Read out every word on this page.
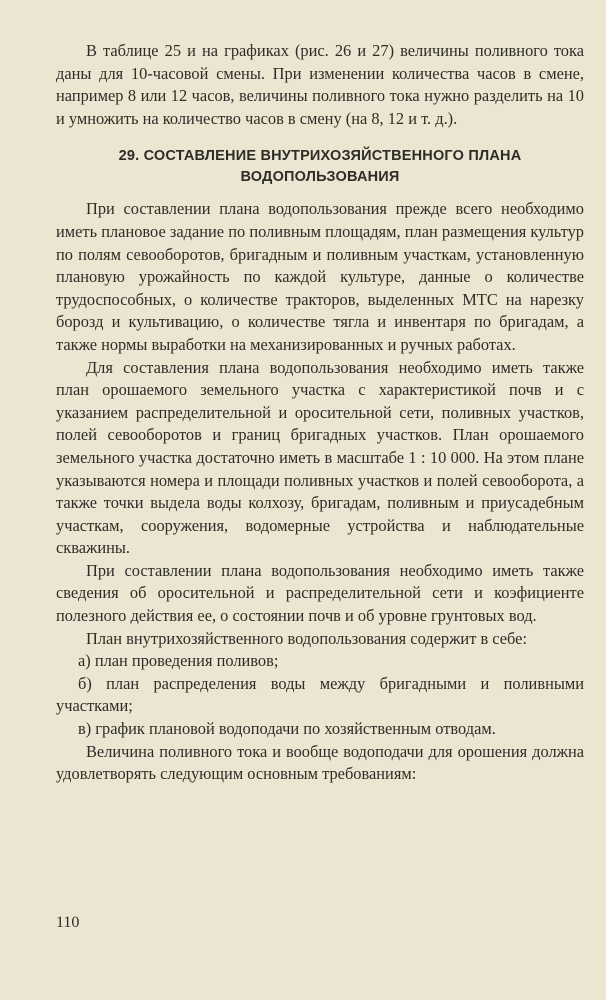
В таблице 25 и на графиках (рис. 26 и 27) величины поливного тока даны для 10-часовой смены. При изменении количества часов в смене, например 8 или 12 часов, величины поливного тока нужно разделить на 10 и умножить на количество часов в смену (на 8, 12 и т. д.).

29. СОСТАВЛЕНИЕ ВНУТРИХОЗЯЙСТВЕННОГО ПЛАНА
ВОДОПОЛЬЗОВАНИЯ

При составлении плана водопользования прежде всего необходимо иметь плановое задание по поливным площадям, план размещения культур по полям севооборотов, бригадным и поливным участкам, установленную плановую урожайность по каждой культуре, данные о количестве трудоспособных, о количестве тракторов, выделенных МТС на нарезку борозд и культивацию, о количестве тягла и инвентаря по бригадам, а также нормы выработки на механизированных и ручных работах.

Для составления плана водопользования необходимо иметь также план орошаемого земельного участка с характеристикой почв и с указанием распределительной и оросительной сети, поливных участков, полей севооборотов и границ бригадных участков. План орошаемого земельного участка достаточно иметь в масштабе 1 : 10 000. На этом плане указываются номера и площади поливных участков и полей севооборота, а также точки выдела воды колхозу, бригадам, поливным и приусадебным участкам, сооружения, водомерные устройства и наблюдательные скважины.

При составлении плана водопользования необходимо иметь также сведения об оросительной и распределительной сети и коэфициенте полезного действия ее, о состоянии почв и об уровне грунтовых вод.

План внутрихозяйственного водопользования содержит в себе:

а) план проведения поливов;

б) план распределения воды между бригадными и поливными участками;

в) график плановой водоподачи по хозяйственным отводам.

Величина поливного тока и вообще водоподачи для орошения должна удовлетворять следующим основным требованиям:

110
